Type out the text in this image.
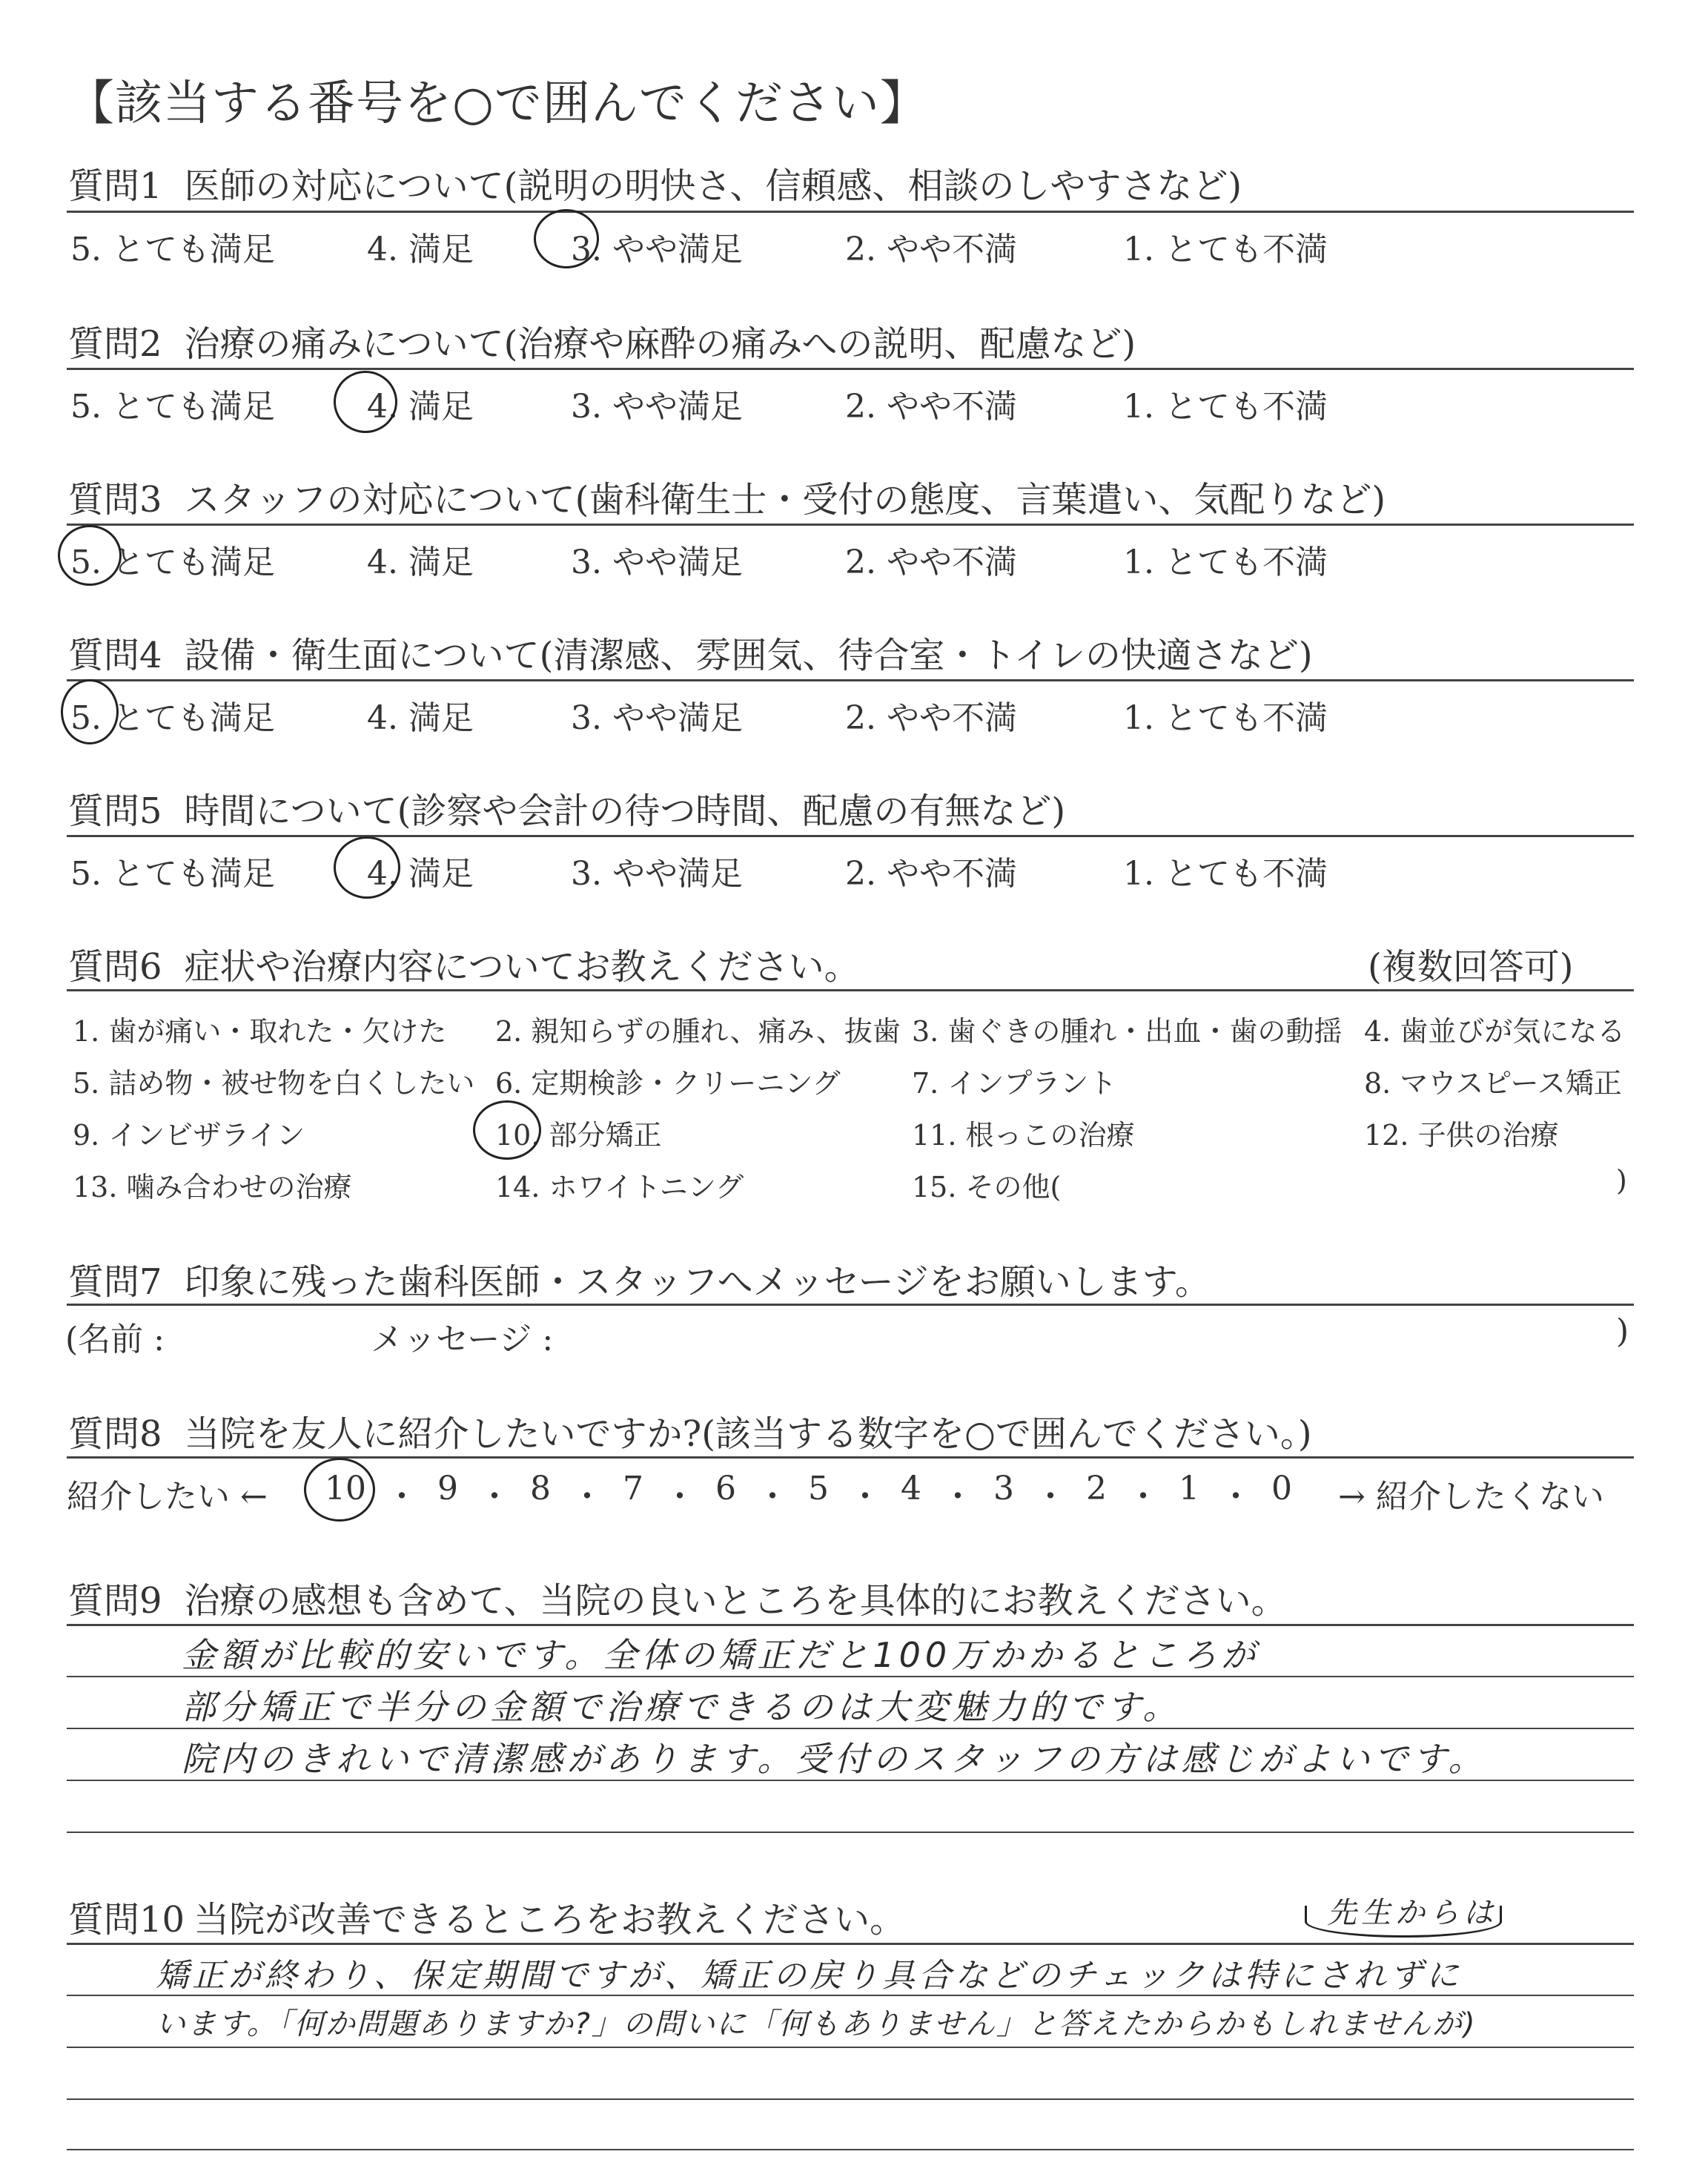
【該当する番号を○で囲んでください】
質問1 医師の対応について(説明の明快さ、信頼感、相談のしやすさなど)
5. とても満足	4. 満足	3. やや満足	2. やや不満	1. とても不満
質問2 治療の痛みについて(治療や麻酔の痛みへの説明、配慮など)
5. とても満足	4. 満足	3. やや満足	2. やや不満	1. とても不満
質問3 スタッフの対応について(歯科衛生士・受付の態度、言葉遣い、気配りなど)
5. とても満足	4. 満足	3. やや満足	2. やや不満	1. とても不満
質問4 設備・衛生面について(清潔感、雰囲気、待合室・トイレの快適さなど)
5. とても満足	4. 満足	3. やや満足	2. やや不満	1. とても不満
質問5 時間について(診察や会計の待つ時間、配慮の有無など)
5. とても満足	4. 満足	3. やや満足	2. やや不満	1. とても不満
質問6 症状や治療内容についてお教えください。	(複数回答可)
1. 歯が痛い・取れた・欠けた 2. 親知らずの腫れ、痛み、抜歯 3. 歯ぐきの腫れ・出血・歯の動揺 4. 歯並びが気になる
5. 詰め物・被せ物を白くしたい 6. 定期検診・クリーニング	7. インプラント	8. マウスピース矯正
9. インビザライン	10. 部分矯正	11. 根っこの治療	12. 子供の治療
13. 噛み合わせの治療	14. ホワイトニング	15. その他(	)
質問7 印象に残った歯科医師・スタッフへメッセージをお願いします。
(名前 :	メッセージ :	)
質問8 当院を友人に紹介したいですか?(該当する数字を○で囲んでください。)
紹介したい ← 10 ・ 9 ・ 8 ・ 7 ・ 6 ・ 5 ・ 4 ・ 3 ・ 2 ・ 1 ・ 0 → 紹介したくない
質問9 治療の感想も含めて、当院の良いところを具体的にお教えください。
金額が比較的安いです。全体の矯正だと100万かかるところが
部分矯正で半分の金額で治療できるのは大変魅力的です。
院内のきれいで清潔感があります。受付のスタッフの方は感じがよいです。
質問10 当院が改善できるところをお教えください。	先生からは
矯正が終わり、保定期間ですが、矯正の戻り具合などのチェックは特にされずに
います。「何か問題ありますか?」の問いに「何もありません」と答えたからかもしれませんが)
